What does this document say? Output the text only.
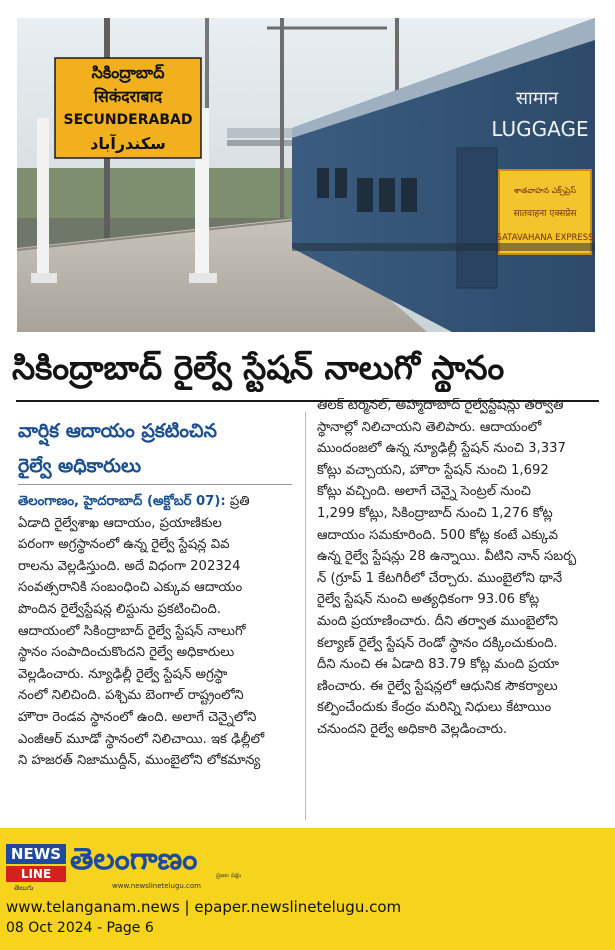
సికింద్రాబాద్
सिकंदराबाद
SECUNDERABAD
سکندرآباد
सामान
LUGGAGE
శాతవాహన ఎక్స్‌ప్రెస్
सातवाहना एक्सप्रेस
SATAVAHANA EXPRESS
సికింద్రాబాద్ రైల్వే స్టేషన్ నాలుగో స్థానం
వార్షిక ఆదాయం ప్రకటించిన
రైల్వే అధికారులు
తెలంగాణం, హైదరాబాద్ (అక్టోబర్ 07): ప్రతి
ఏడాది రైల్వేశాఖ ఆదాయం, ప్రయాణికుల
పరంగా అగ్రస్థానంలో ఉన్న రైల్వే స్టేషన్ల వివ
రాలను వెల్లడిస్తుంది. అదే విధంగా 202324
సంవత్సరానికి సంబంధించి ఎక్కువ ఆదాయం
పొందిన రైల్వేస్టేషన్ల లిస్టును ప్రకటించింది.
ఆదాయంలో సికింద్రాబాద్ రైల్వే స్టేషన్ నాలుగో
స్థానం సంపాదించుకొందని రైల్వే అధికారులు
వెల్లడించారు. న్యూఢిల్లీ రైల్వే స్టేషన్ అగ్రస్థా
నంలో నిలిచింది. పశ్చిమ బెంగాల్ రాష్ట్రంలోని
హౌరా రెండవ స్థానంలో ఉంది. అలాగే చెన్నైలోని
ఎంజీఆర్ మూడో స్థానంలో నిలిచాయి. ఇక ఢిల్లీలో
ని హజరత్ నిజాముద్దీన్, ముంబైలోని లోకమాన్య
తిలక్ టెర్మినల్, అహ్మదాబాద్ రైల్వేస్టేషన్లు తర్వాతి
స్థానాల్లో నిలిచాయని తెలిపారు. ఆదాయంలో
ముందంజలో ఉన్న న్యూఢిల్లీ స్టేషన్ నుంచి 3,337
కోట్లు వచ్చాయని, హౌరా స్టేషన్ నుంచి 1,692
కోట్లు వచ్చింది. అలాగే చెన్నై సెంట్రల్ నుంచి
1,299 కోట్లు, సికింద్రాబాద్ నుంచి 1,276 కోట్ల
ఆదాయం సమకూరింది. 500 కోట్ల కంటే ఎక్కువ
ఉన్న రైల్వే స్టేషన్లు 28 ఉన్నాయి. వీటిని నాన్ సబర్బ
న్ (గ్రూప్ 1 కేటగిరీలో చేర్చారు. ముంబైలోని థానే
రైల్వే స్టేషన్ నుంచి అత్యధికంగా 93.06 కోట్ల
మంది ప్రయాణించారు. దీని తర్వాత ముంబైలోని
కల్యాణ్ రైల్వే స్టేషన్ రెండో స్థానం దక్కించుకుంది.
దీని నుంచి ఈ ఏడాది 83.79 కోట్ల మంది ప్రయా
ణించారు. ఈ రైల్వే స్టేషన్లలో ఆధునిక సౌకర్యాలు
కల్పించేందుకు కేంద్రం మరిన్ని నిధులు కేటాయిం
చనుందని రైల్వే అధికారి వెల్లడించారు.
NEWS
LINE
తెలుగు
తెలంగాణం	ప్రజల పక్షం
www.newslinetelugu.com
www.telanganam.news | epaper.newslinetelugu.com
08 Oct 2024 - Page 6
